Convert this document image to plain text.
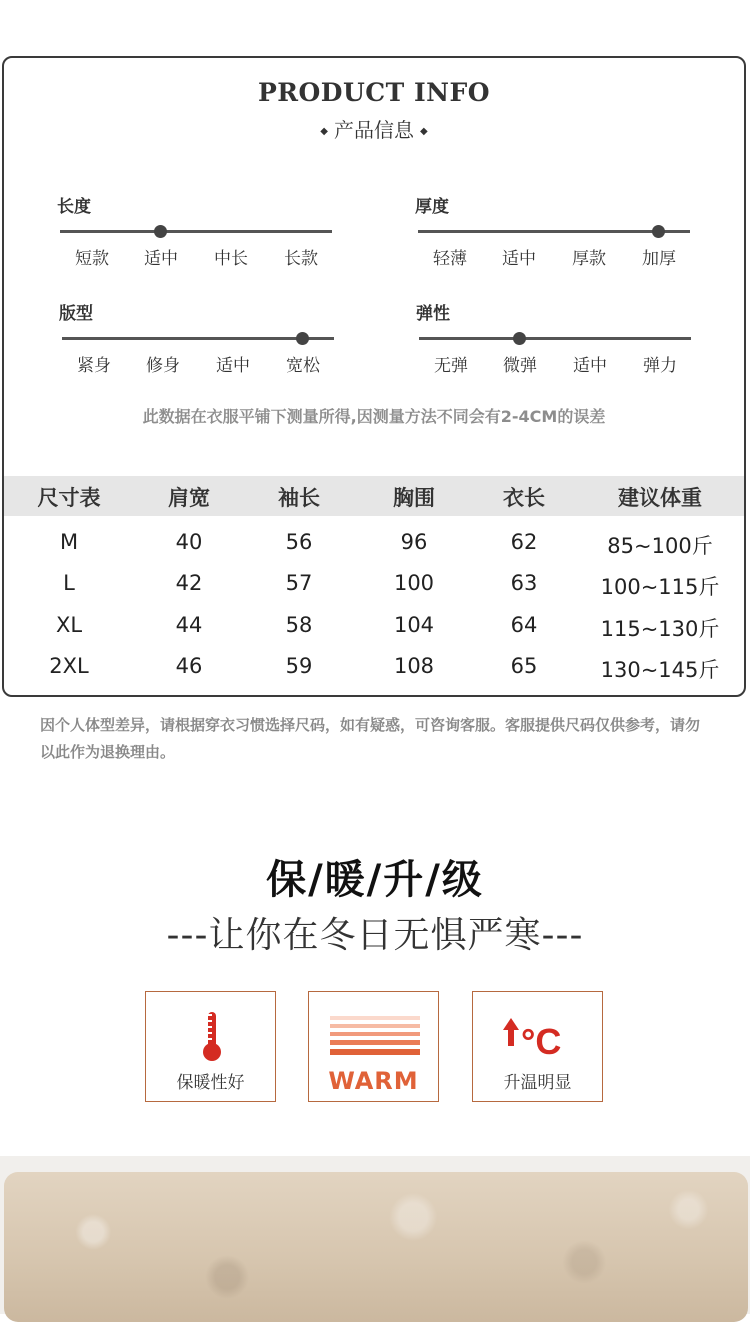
PRODUCT INFO
◆ 产品信息 ◆
长度
短款	适中	中长	长款
厚度
轻薄	适中	厚款	加厚
版型
紧身	修身	适中	宽松
弹性
无弹	微弹	适中	弹力
此数据在衣服平铺下测量所得,因测量方法不同会有2-4CM的误差
尺寸表	肩宽	袖长	胸围	衣长	建议体重
M	40	56	96	62	85~100斤
L	42	57	100	63	100~115斤
XL	44	58	104	64	115~130斤
2XL	46	59	108	65	130~145斤
因个人体型差异，请根据穿衣习惯选择尺码，如有疑惑，可咨询客服。客服提供尺码仅供参考，请勿以此作为退换理由。
保/暖/升/级
---让你在冬日无惧严寒---
保暖性好	WARM
°C
升温明显
